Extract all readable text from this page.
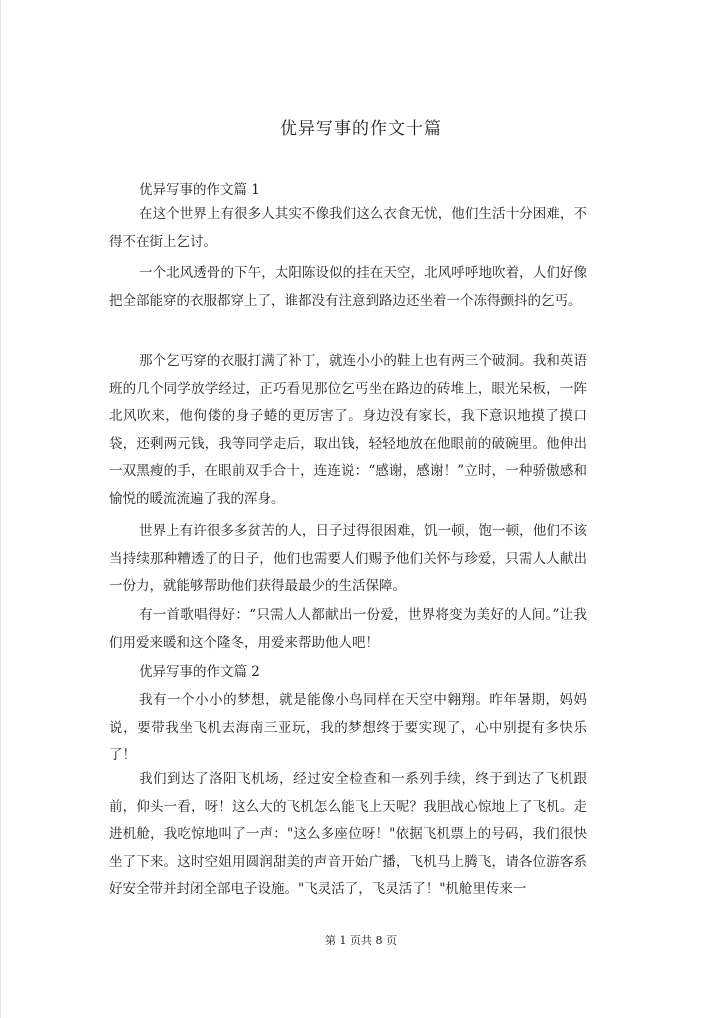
优异写事的作文十篇
优异写事的作文篇 1
在这个世界上有很多人其实不像我们这么衣食无忧，他们生活十分困难，不得不在街上乞讨。
一个北风透骨的下午，太阳陈设似的挂在天空，北风呼呼地吹着，人们好像把全部能穿的衣服都穿上了，谁都没有注意到路边还坐着一个冻得颤抖的乞丐。
那个乞丐穿的衣服打满了补丁，就连小小的鞋上也有两三个破洞。我和英语班的几个同学放学经过，正巧看见那位乞丐坐在路边的砖堆上，眼光呆板，一阵北风吹来，他佝偻的身子蜷的更厉害了。身边没有家长，我下意识地摸了摸口袋，还剩两元钱，我等同学走后，取出钱，轻轻地放在他眼前的破碗里。他伸出一双黑瘦的手，在眼前双手合十，连连说：“感谢，感谢！”立时，一种骄傲感和愉悦的暖流流遍了我的浑身。
世界上有许很多多贫苦的人，日子过得很困难，饥一顿，饱一顿，他们不该当持续那种糟透了的日子，他们也需要人们赐予他们关怀与珍爱，只需人人献出一份力，就能够帮助他们获得最最少的生活保障。
有一首歌唱得好：“只需人人都献出一份爱，世界将变为美好的人间。”让我们用爱来暖和这个隆冬，用爱来帮助他人吧！
优异写事的作文篇 2
我有一个小小的梦想，就是能像小鸟同样在天空中翱翔。昨年暑期，妈妈说，要带我坐飞机去海南三亚玩，我的梦想终于要实现了，心中别提有多快乐了！
我们到达了洛阳飞机场，经过安全检查和一系列手续，终于到达了飞机跟前，仰头一看，呀！这么大的飞机怎么能飞上天呢？我胆战心惊地上了飞机。走进机舱，我吃惊地叫了一声："这么多座位呀！"依据飞机票上的号码，我们很快坐了下来。这时空姐用圆润甜美的声音开始广播，飞机马上腾飞，请各位游客系好安全带并封闭全部电子设施。"飞灵活了，飞灵活了！"机舱里传来一
第 1 页共 8 页
